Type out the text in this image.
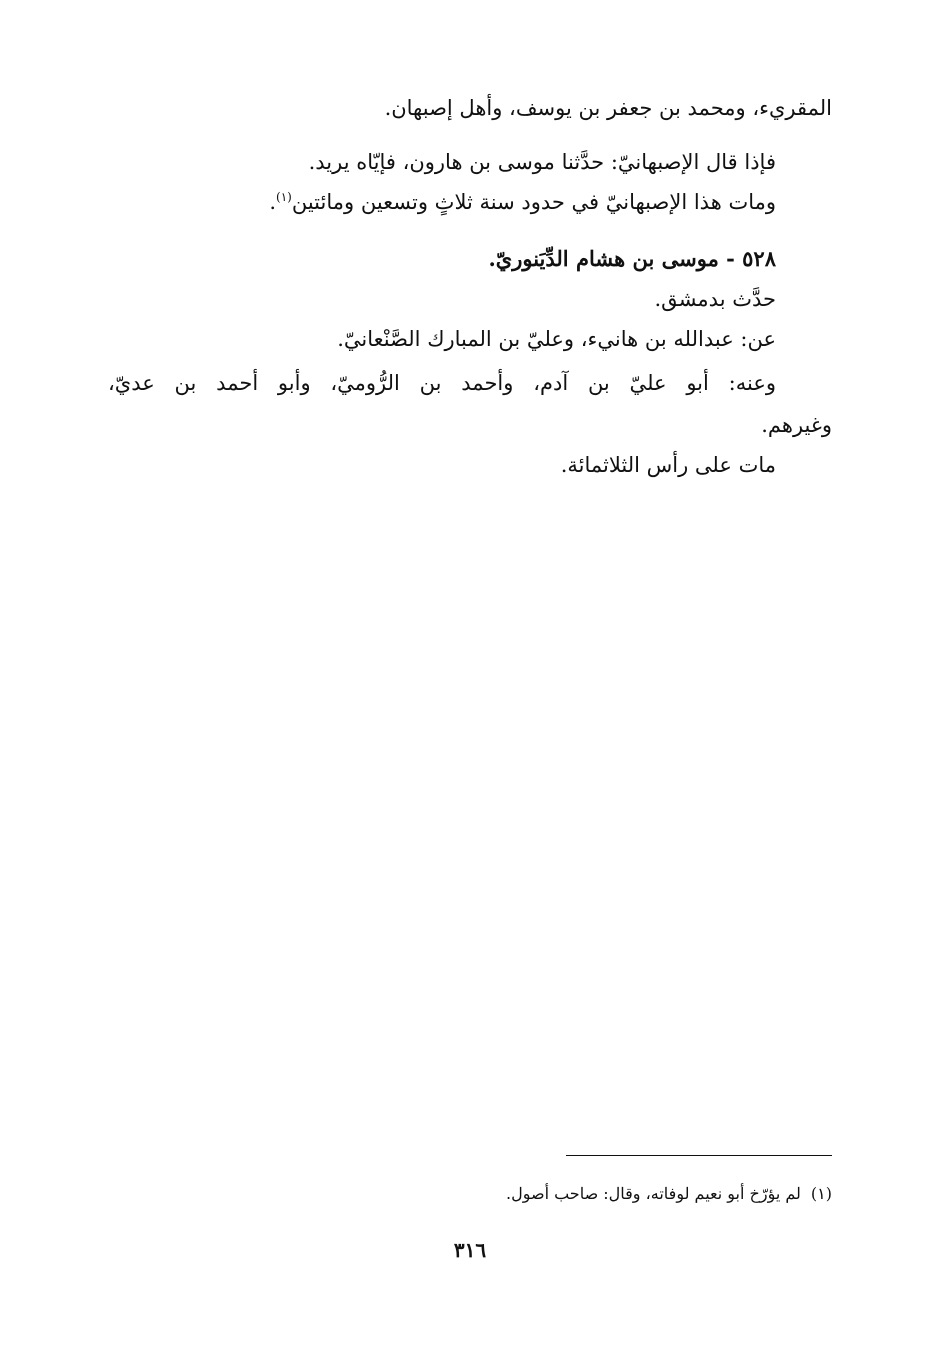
المقريء، ومحمد بن جعفر بن يوسف، وأهل إصبهان.
فإذا قال الإصبهانيّ: حدَّثنا موسى بن هارون، فإيّاه يريد.
ومات هذا الإصبهانيّ في حدود سنة ثلاثٍ وتسعين ومائتين$^{(١)}$.
٥٢٨ - موسى بن هشام الدِّيَنوريّ.
حدَّث بدمشق.
عن: عبدالله بن هانيء، وعليّ بن المبارك الصَّنْعانيّ.
وعنه: أبو عليّ بن آدم، وأحمد بن الرُّوميّ، وأبو أحمد بن عديّ،
وغيرهم.
مات على رأس الثلاثمائة.
(١)لم يؤرّخ أبو نعيم لوفاته، وقال: صاحب أصول.
٣١٦
